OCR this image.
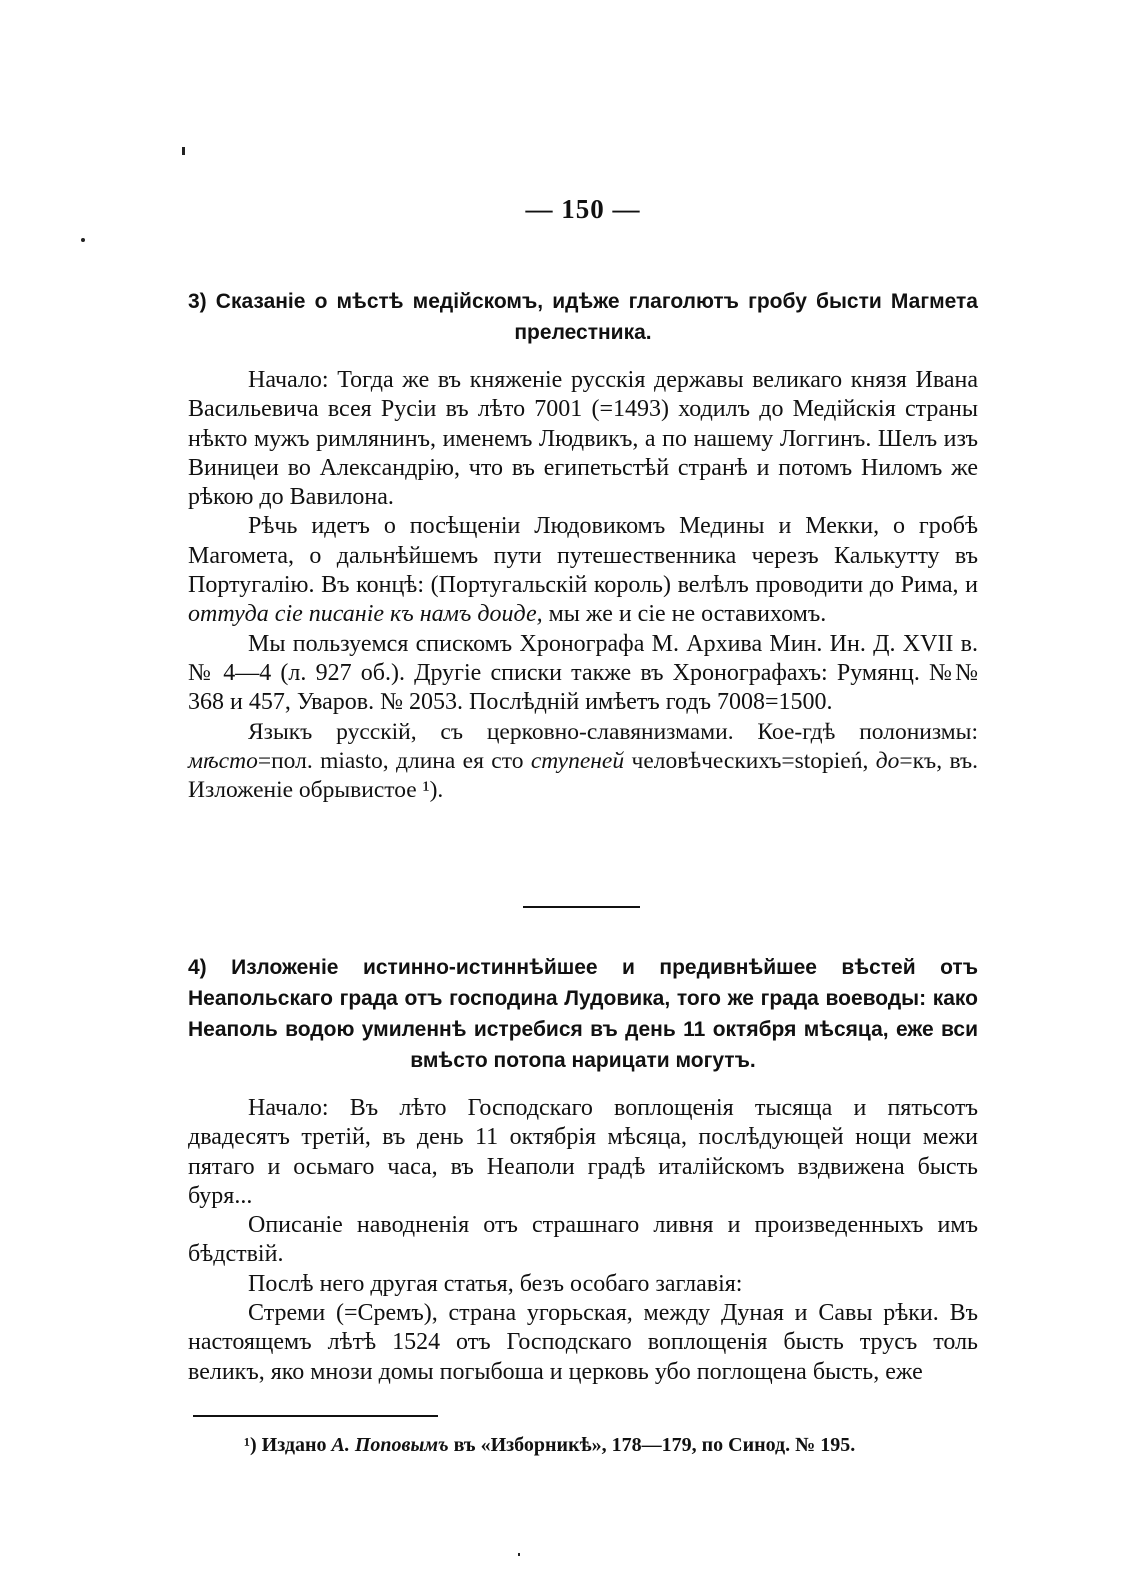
— 150 —
3) Сказаніе о мѣстѣ медійскомъ, идѣже глаголютъ гробу бысти Магмета прелестника.

Начало: Тогда же въ княженіе русскія державы великаго князя Ивана Васильевича всея Русіи въ лѣто 7001 (=1493) ходилъ до Медійскія страны нѣкто мужъ римлянинъ, именемъ Людвикъ, а по нашему Логгинъ. Шелъ изъ Виницеи во Александрію, что въ египетьстѣй странѣ и потомъ Ниломъ же рѣкою до Вавилона.

Рѣчь идетъ о посѣщеніи Людовикомъ Медины и Мекки, о гробѣ Магомета, о дальнѣйшемъ пути путешественника черезъ Калькутту въ Португалію. Въ концѣ: (Португальскій король) велѣлъ проводити до Рима, и оттуда сіе писаніе къ намъ доиде, мы же и сіе не оставихомъ.

Мы пользуемся спискомъ Хронографа М. Архива Мин. Ин. Д. XVII в. № 4—4 (л. 927 об.). Другіе списки также въ Хронографахъ: Румянц. №№ 368 и 457, Уваров. № 2053. Послѣдній имѣетъ годъ 7008=1500.

Языкъ русскій, съ церковно-славянизмами. Кое-гдѣ полонизмы: мѣсто=пол. miasto, длина ея сто ступеней человѣческихъ=stopień, до=къ, въ. Изложеніе обрывистое ¹).

4) Изложеніе истинно-истиннѣйшее и предивнѣйшее вѣстей отъ Неапольскаго града отъ господина Лудовика, того же града воеводы: како Неаполь водою умиленнѣ истребися въ день 11 октября мѣсяца, еже вси вмѣсто потопа нарицати могутъ.

Начало: Въ лѣто Господскаго воплощенія тысяща и пятьсотъ двадесятъ третій, въ день 11 октябрія мѣсяца, послѣдующей нощи межи пятаго и осьмаго часа, въ Неаполи градѣ италійскомъ вздвижена бысть буря...

Описаніе наводненія отъ страшнаго ливня и произведенныхъ имъ бѣдствій.

Послѣ него другая статья, безъ особаго заглавія:

Стреми (=Сремъ), страна угорьская, между Дуная и Савы рѣки. Въ настоящемъ лѣтѣ 1524 отъ Господскаго воплощенія бысть трусъ толь великъ, яко мнози домы погыбоша и церковь убо поглощена бысть, еже

¹) Издано А. Поповымъ въ «Изборникѣ», 178—179, по Синод. № 195.
